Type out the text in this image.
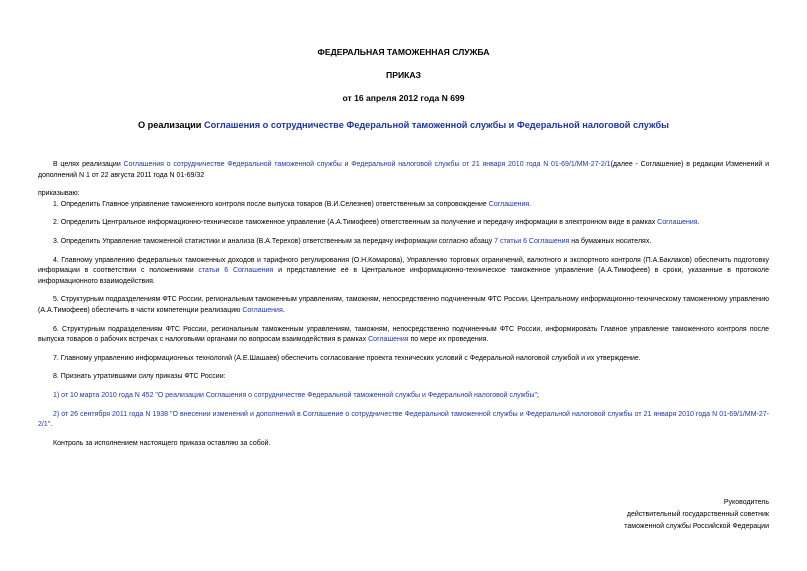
ФЕДЕРАЛЬНАЯ ТАМОЖЕННАЯ СЛУЖБА
ПРИКАЗ
от 16 апреля 2012 года N 699
О реализации Соглашения о сотрудничестве Федеральной таможенной службы и Федеральной налоговой службы

В целях реализации Соглашения о сотрудничестве Федеральной таможенной службы и Федеральной налоговой службы от 21 января 2010 года N 01-69/1/ММ-27-2/1(далее - Соглашение) в редакции Изменений и дополнений N 1 от 22 августа 2011 года N 01-69/32

приказываю:

1. Определить Главное управление таможенного контроля после выпуска товаров (В.И.Селезнев) ответственным за сопровождение Соглашения.

2. Определить Центральное информационно-техническое таможенное управление (А.А.Тимофеев) ответственным за получение и передачу информации в электронном виде в рамках Соглашения.

3. Определить Управление таможенной статистики и анализа (В.А.Терехов) ответственным за передачу информации согласно абзацу 7 статьи 6 Соглашения на бумажных носителях.

4. Главному управлению федеральных таможенных доходов и тарифного регулирования (О.Н.Комарова), Управлению торговых ограничений, валютного и экспортного контроля (П.А.Баклаков) обеспечить подготовку информации в соответствии с положениями статьи 6 Соглашения и представление её в Центральное информационно-техническое таможенное управление (А.А.Тимофеев) в сроки, указанные в протоколе информационного взаимодействия.

5. Структурным подразделениям ФТС России, региональным таможенным управлениям, таможням, непосредственно подчиненным ФТС России, Центральному информационно-техническому таможенному управлению (А.А.Тимофеев) обеспечить в части компетенции реализацию Соглашения.

6. Структурным подразделениям ФТС России, региональным таможенным управлениям, таможням, непосредственно подчиненным ФТС России, информировать Главное управление таможенного контроля после выпуска товаров о рабочих встречах с налоговыми органами по вопросам взаимодействия в рамках Соглашения по мере их проведения.

7. Главному управлению информационных технологий (А.Е.Шашаев) обеспечить согласование проекта технических условий с Федеральной налоговой службой и их утверждение.

8. Признать утратившими силу приказы ФТС России:

1) от 10 марта 2010 года N 452 "О реализации Соглашения о сотрудничестве Федеральной таможенной службы и Федеральной налоговой службы";

2) от 26 сентября 2011 года N 1938 "О внесении изменений и дополнений в Соглашение о сотрудничестве Федеральной таможенной службы и Федеральной налоговой службы от 21 января 2010 года N 01-69/1/ММ-27-2/1".

Контроль за исполнением настоящего приказа оставляю за собой.

Руководитель
действительный государственный советник
таможенной службы Российской Федерации
